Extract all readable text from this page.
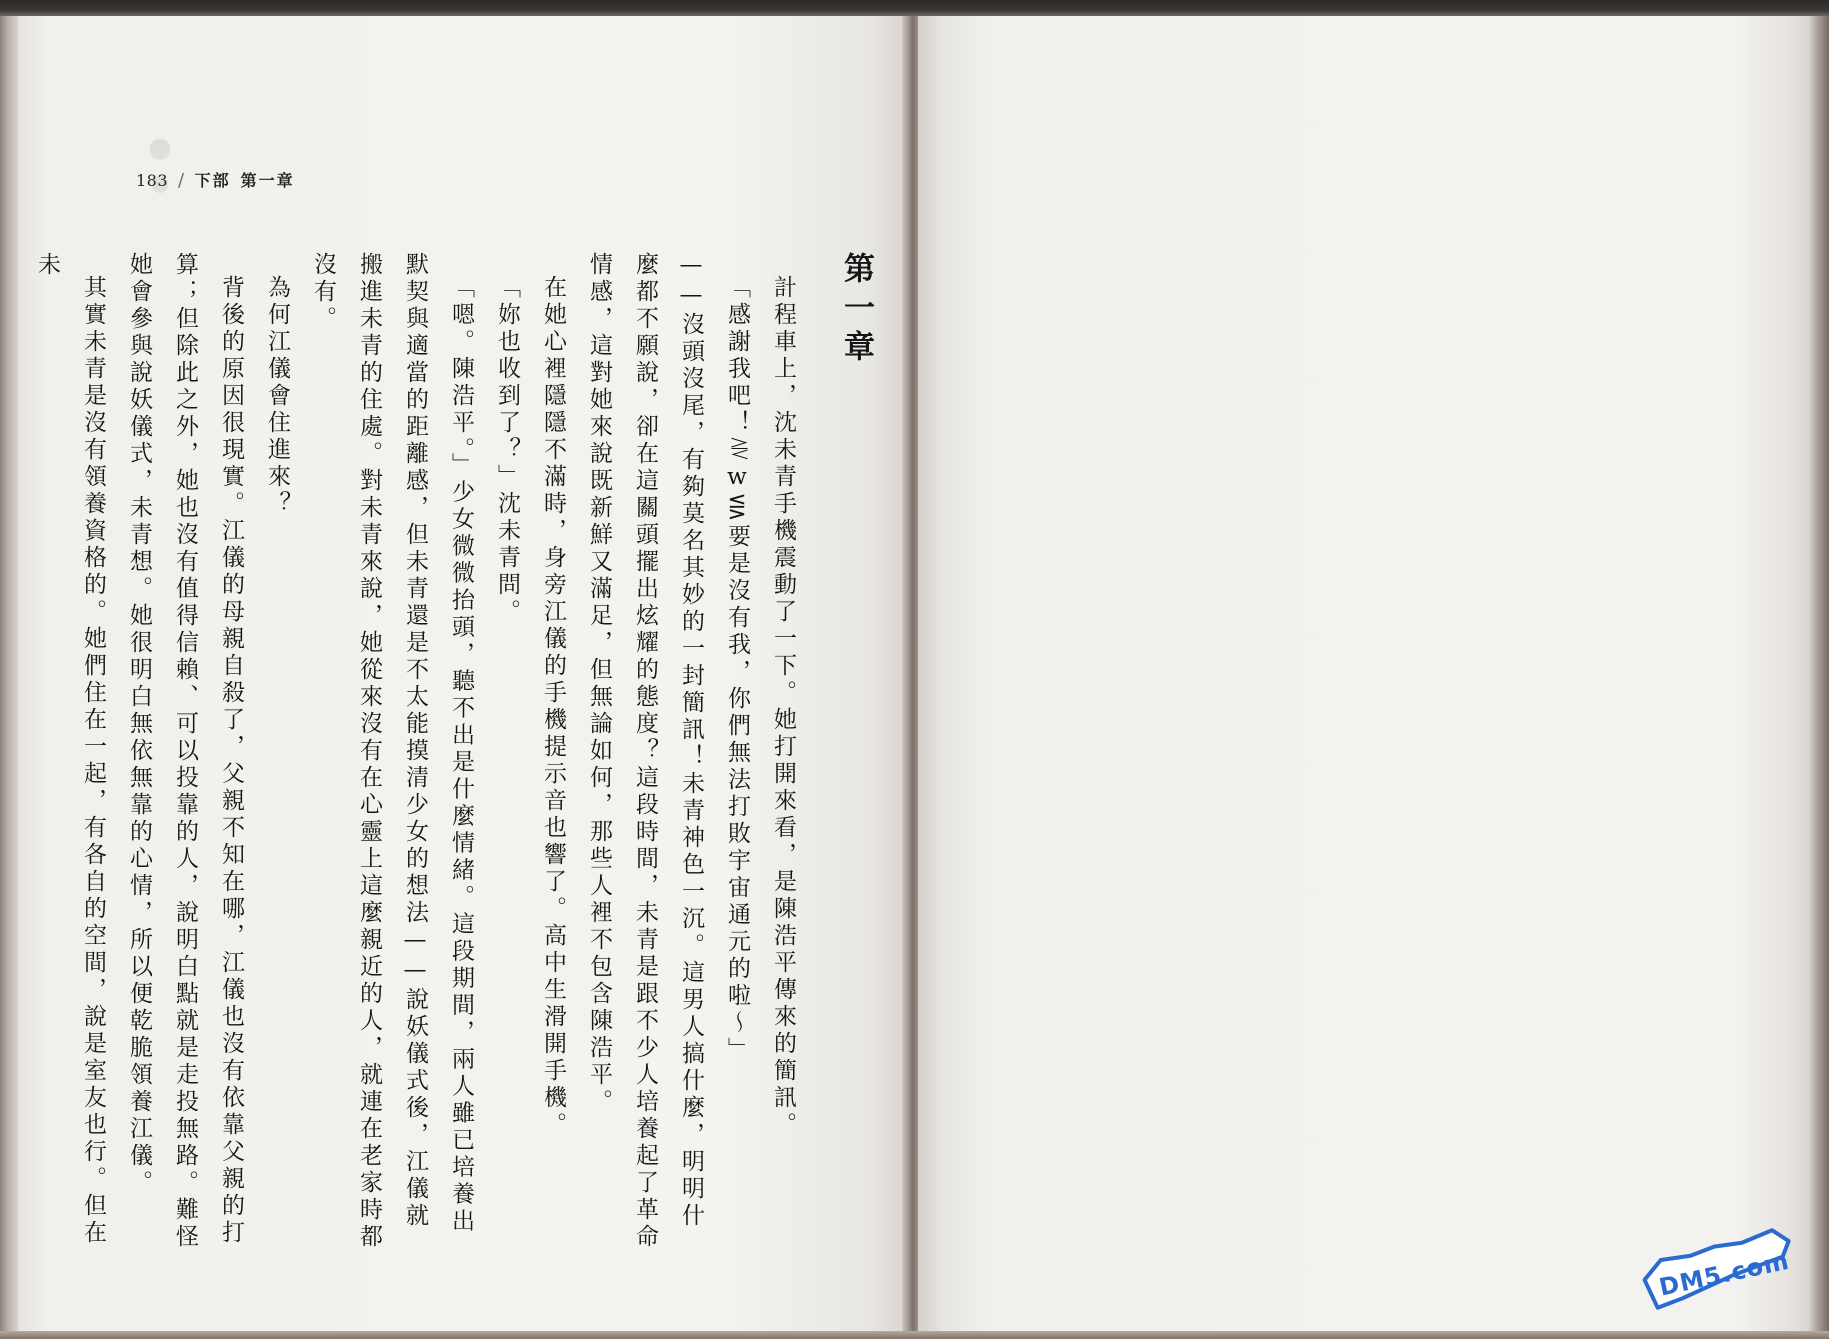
183 / 下部 第一章
第一章

計程車上，沈未青手機震動了一下。她打開來看，是陳浩平傳來的簡訊。

「感謝我吧！⋛w⋚要是沒有我，你們無法打敗宇宙通元的啦〜」

——沒頭沒尾，有夠莫名其妙的一封簡訊！未青神色一沉。這男人搞什麼，明明什麼都不願說，卻在這關頭擺出炫耀的態度？這段時間，未青是跟不少人培養起了革命情感，這對她來說既新鮮又滿足，但無論如何，那些人裡不包含陳浩平。

在她心裡隱隱不滿時，身旁江儀的手機提示音也響了。高中生滑開手機。

「妳也收到了？」沈未青問。

「嗯。陳浩平。」少女微微抬頭，聽不出是什麼情緒。這段期間，兩人雖已培養出默契與適當的距離感，但未青還是不太能摸清少女的想法——說妖儀式後，江儀就搬進未青的住處。對未青來說，她從來沒有在心靈上這麼親近的人，就連在老家時都沒有。

為何江儀會住進來？

背後的原因很現實。江儀的母親自殺了，父親不知在哪，江儀也沒有依靠父親的打算；但除此之外，她也沒有值得信賴、可以投靠的人，說明白點就是走投無路。難怪她會參與說妖儀式，未青想。她很明白無依無靠的心情，所以便乾脆領養江儀。

其實未青是沒有領養資格的。她們住在一起，有各自的空間，說是室友也行。但在未

DM5.com
